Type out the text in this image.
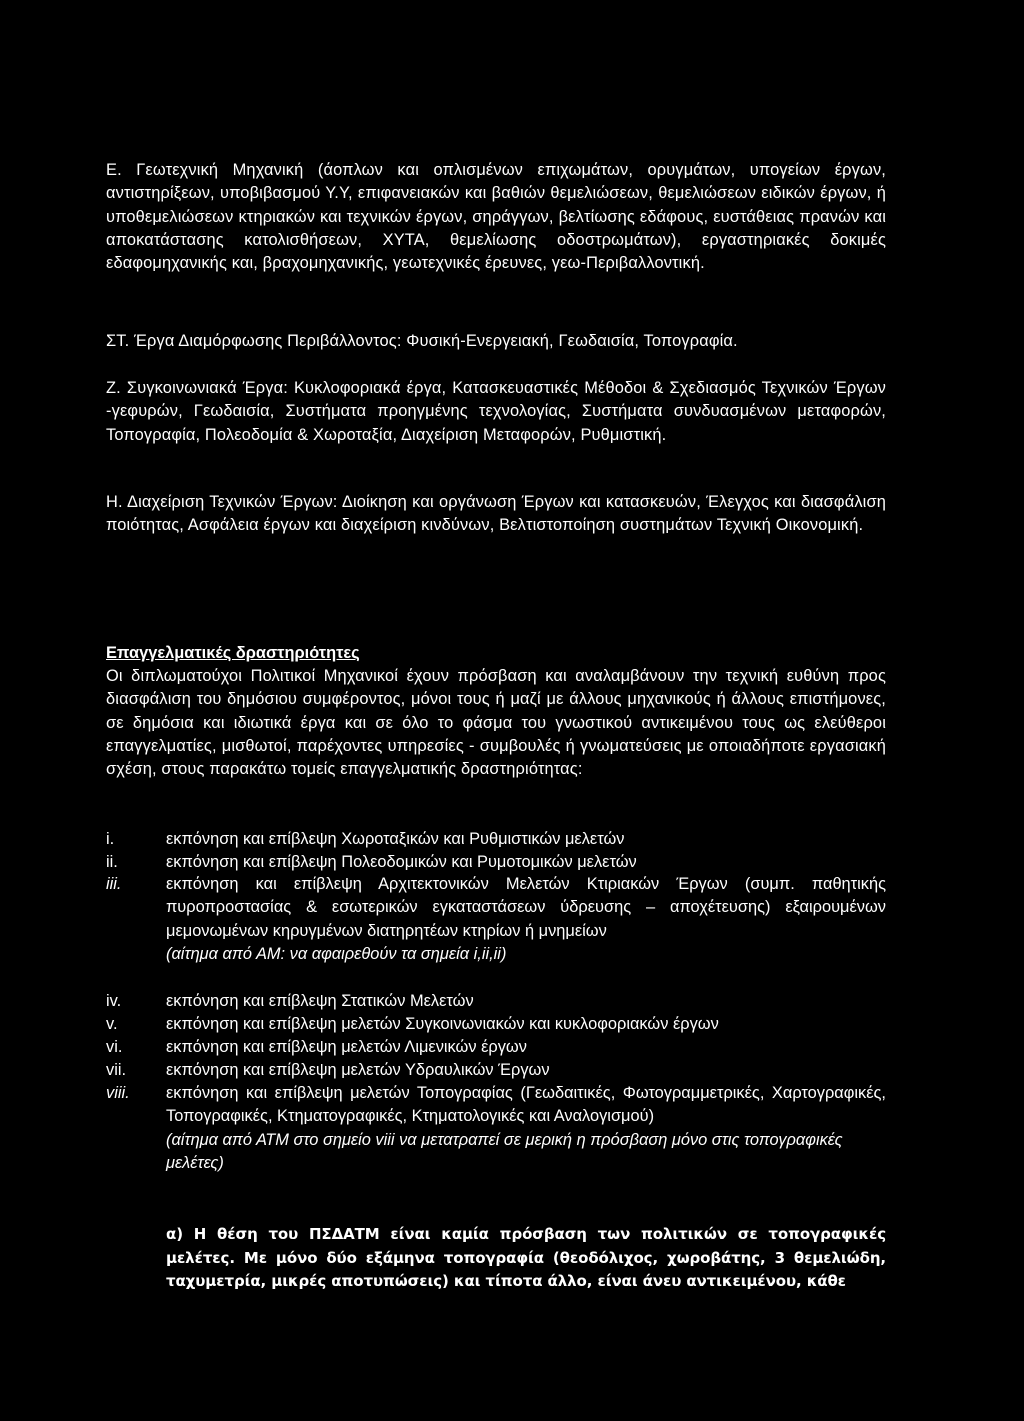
Ε. Γεωτεχνική Μηχανική (άοπλων και οπλισμένων επιχωμάτων, ορυγμάτων, υπογείων έργων, αντιστηρίξεων, υποβιβασμού Υ.Υ, επιφανειακών και βαθιών θεμελιώσεων, θεμελιώσεων ειδικών έργων, ή υποθεμελιώσεων κτηριακών και τεχνικών έργων, σηράγγων, βελτίωσης εδάφους, ευστάθειας πρανών και αποκατάστασης κατολισθήσεων, ΧΥΤΑ, θεμελίωσης οδοστρωμάτων), εργαστηριακές δοκιμές εδαφομηχανικής και, βραχομηχανικής, γεωτεχνικές έρευνες, γεω-Περιβαλλοντική.
ΣΤ. Έργα Διαμόρφωσης Περιβάλλοντος: Φυσική-Ενεργειακή, Γεωδαισία, Τοπογραφία.
Ζ. Συγκοινωνιακά Έργα: Κυκλοφοριακά έργα, Κατασκευαστικές Μέθοδοι & Σχεδιασμός Τεχνικών Έργων -γεφυρών, Γεωδαισία, Συστήματα προηγμένης τεχνολογίας, Συστήματα συνδυασμένων μεταφορών, Τοπογραφία, Πολεοδομία & Χωροταξία, Διαχείριση Μεταφορών, Ρυθμιστική.
Η. Διαχείριση Τεχνικών Έργων: Διοίκηση και οργάνωση Έργων και κατασκευών, Έλεγχος και διασφάλιση ποιότητας, Ασφάλεια έργων και διαχείριση κινδύνων, Βελτιστοποίηση συστημάτων Τεχνική Οικονομική.
Επαγγελματικές δραστηριότητες
Οι διπλωματούχοι Πολιτικοί Μηχανικοί έχουν πρόσβαση και αναλαμβάνουν την τεχνική ευθύνη προς διασφάλιση του δημόσιου συμφέροντος, μόνοι τους ή μαζί με άλλους μηχανικούς ή άλλους επιστήμονες, σε δημόσια και ιδιωτικά έργα και σε όλο το φάσμα του γνωστικού αντικειμένου τους ως ελεύθεροι επαγγελματίες, μισθωτοί, παρέχοντες υπηρεσίες - συμβουλές ή γνωματεύσεις με οποιαδήποτε εργασιακή σχέση, στους παρακάτω τομείς επαγγελματικής δραστηριότητας:
i.	εκπόνηση και επίβλεψη Χωροταξικών και Ρυθμιστικών μελετών
ii.	εκπόνηση και επίβλεψη Πολεοδομικών και Ρυμοτομικών μελετών
iii.	εκπόνηση και επίβλεψη Αρχιτεκτονικών Μελετών Κτιριακών Έργων (συμπ. παθητικής πυροπροστασίας & εσωτερικών εγκαταστάσεων ύδρευσης – αποχέτευσης) εξαιρουμένων μεμονωμένων κηρυγμένων διατηρητέων κτηρίων ή μνημείων
(αίτημα από ΑΜ: να αφαιρεθούν τα σημεία i,ii,ii)
iv.	εκπόνηση και επίβλεψη Στατικών Μελετών
v.	εκπόνηση και επίβλεψη μελετών Συγκοινωνιακών και κυκλοφοριακών έργων
vi.	εκπόνηση και επίβλεψη μελετών Λιμενικών έργων
vii.	εκπόνηση και επίβλεψη μελετών Υδραυλικών Έργων
viii.	εκπόνηση και επίβλεψη μελετών Τοπογραφίας (Γεωδαιτικές, Φωτογραμμετρικές, Χαρτογραφικές, Τοπογραφικές, Κτηματογραφικές, Κτηματολογικές και Αναλογισμού)
(αίτημα από ΑΤΜ στο σημείο viii να μετατραπεί σε μερική η πρόσβαση μόνο στις τοπογραφικές μελέτες)
α) Η θέση του ΠΣΔΑΤΜ είναι καμία πρόσβαση των πολιτικών σε τοπογραφικές μελέτες. Με μόνο δύο εξάμηνα τοπογραφία (θεοδόλιχος, χωροβάτης, 3 θεμελιώδη, ταχυμετρία, μικρές αποτυπώσεις) και τίποτα άλλο, είναι άνευ αντικειμένου, κάθε
